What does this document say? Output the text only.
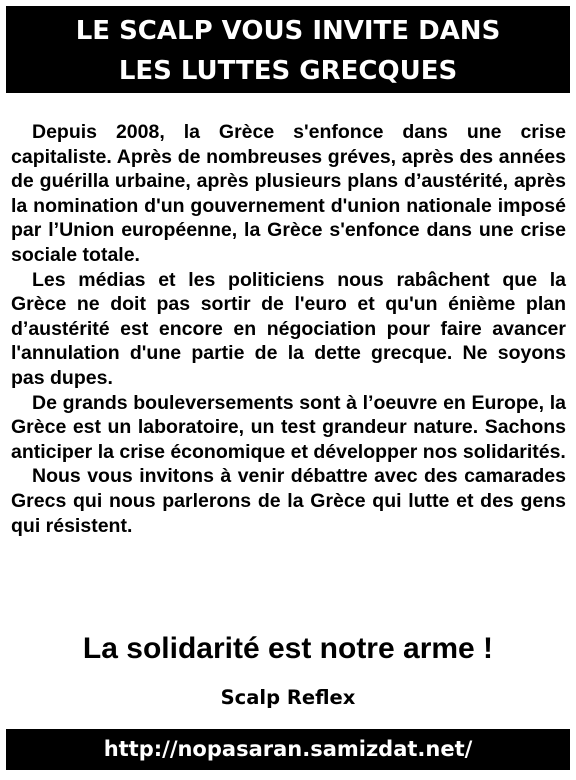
LE SCALP VOUS INVITE DANS
LES LUTTES GRECQUES

Depuis 2008, la Grèce s'enfonce dans une crise capitaliste. Après de nombreuses gréves, après des années de guérilla urbaine, après plusieurs plans d’austérité, après la nomination d'un gouvernement d'union nationale imposé par l’Union européenne, la Grèce s'enfonce dans une crise sociale totale.

Les médias et les politiciens nous rabâchent que la Grèce ne doit pas sortir de l'euro et qu'un énième plan d’austérité est encore en négociation pour faire avancer l'annulation d'une partie de la dette grecque. Ne soyons pas dupes.

De grands bouleversements sont à l’oeuvre en Europe, la Grèce est un laboratoire, un test grandeur nature. Sachons anticiper la crise économique et développer nos solidarités.

Nous vous invitons à venir débattre avec des camarades Grecs qui nous parlerons de la Grèce qui lutte et des gens qui résistent.

La solidarité est notre arme !
Scalp Reflex
http://nopasaran.samizdat.net/
